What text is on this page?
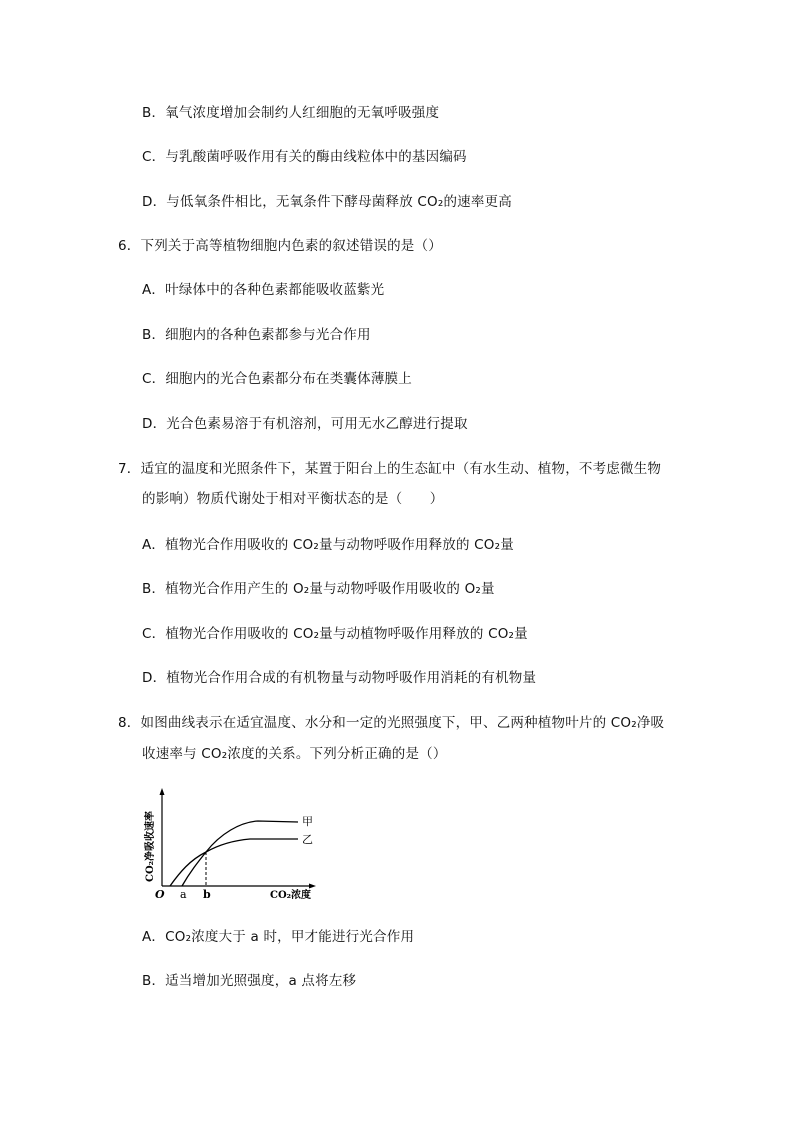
B．氧气浓度增加会制约人红细胞的无氧呼吸强度
C．与乳酸菌呼吸作用有关的酶由线粒体中的基因编码
D．与低氧条件相比，无氧条件下酵母菌释放 CO₂的速率更高
6．下列关于高等植物细胞内色素的叙述错误的是（）
A．叶绿体中的各种色素都能吸收蓝紫光
B．细胞内的各种色素都参与光合作用
C．细胞内的光合色素都分布在类囊体薄膜上
D．光合色素易溶于有机溶剂，可用无水乙醇进行提取
7．适宜的温度和光照条件下，某置于阳台上的生态缸中（有水生动、植物，不考虑微生物
的影响）物质代谢处于相对平衡状态的是（　　）
A．植物光合作用吸收的 CO₂量与动物呼吸作用释放的 CO₂量
B．植物光合作用产生的 O₂量与动物呼吸作用吸收的 O₂量
C．植物光合作用吸收的 CO₂量与动植物呼吸作用释放的 CO₂量
D．植物光合作用合成的有机物量与动物呼吸作用消耗的有机物量
8．如图曲线表示在适宜温度、水分和一定的光照强度下，甲、乙两种植物叶片的 CO₂净吸
收速率与 CO₂浓度的关系。下列分析正确的是（）
甲
乙
O a b	CO₂浓度
CO₂净吸收速率
A．CO₂浓度大于 a 时，甲才能进行光合作用
B．适当增加光照强度，a 点将左移
